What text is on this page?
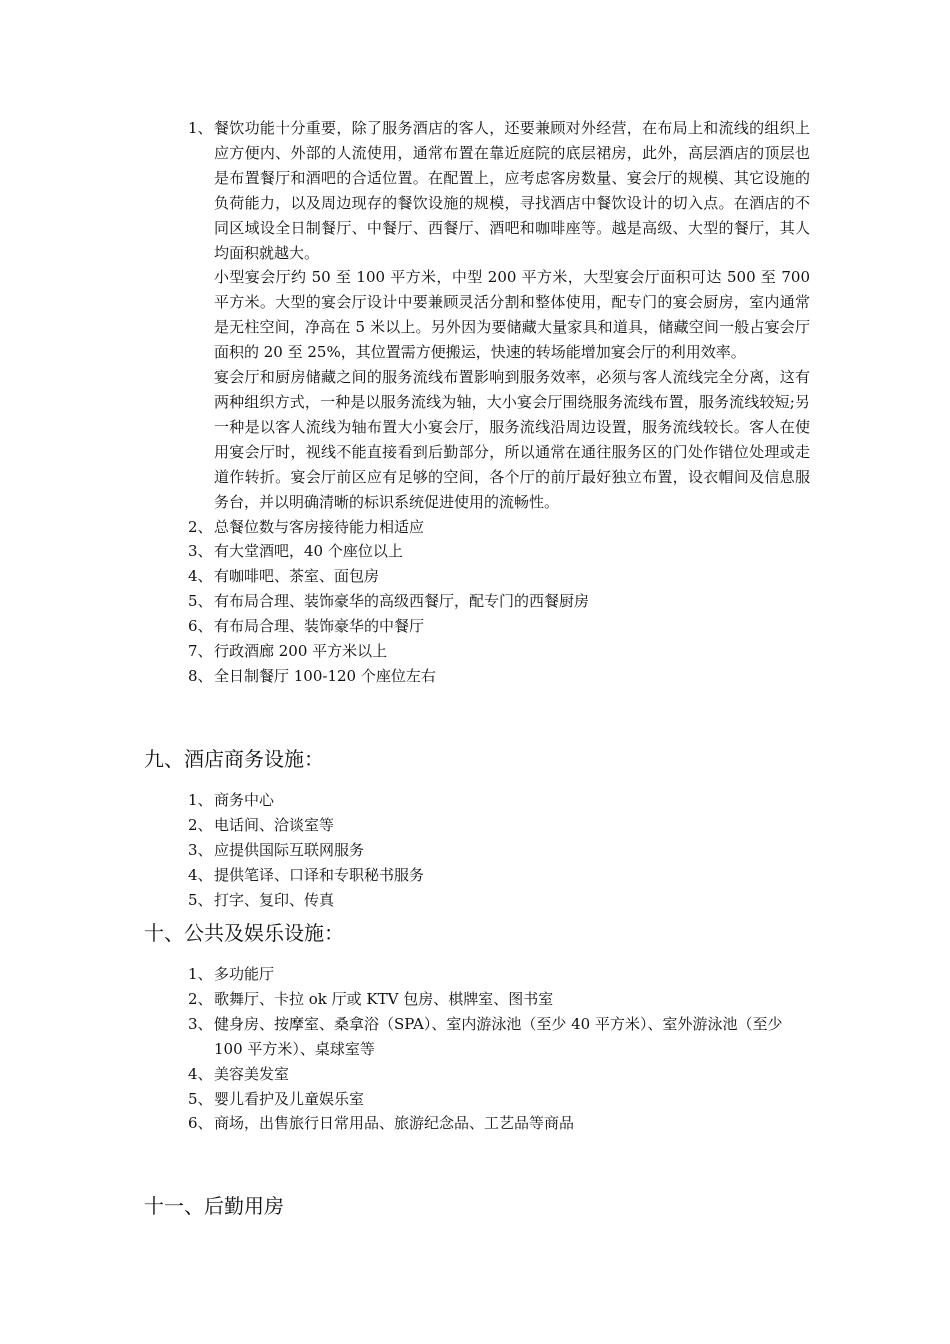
1、 餐饮功能十分重要，除了服务酒店的客人，还要兼顾对外经营，在布局上和流线的组织上应方便内、外部的人流使用，通常布置在靠近庭院的底层裙房，此外，高层酒店的顶层也是布置餐厅和酒吧的合适位置。在配置上，应考虑客房数量、宴会厅的规模、其它设施的负荷能力，以及周边现存的餐饮设施的规模，寻找酒店中餐饮设计的切入点。在酒店的不同区域设全日制餐厅、中餐厅、西餐厅、酒吧和咖啡座等。越是高级、大型的餐厅，其人均面积就越大。

小型宴会厅约 50 至 100 平方米，中型 200 平方米，大型宴会厅面积可达 500 至 700 平方米。大型的宴会厅设计中要兼顾灵活分割和整体使用，配专门的宴会厨房，室内通常是无柱空间，净高在 5 米以上。另外因为要储藏大量家具和道具，储藏空间一般占宴会厅面积的 20 至 25%，其位置需方便搬运，快速的转场能增加宴会厅的利用效率。

宴会厅和厨房储藏之间的服务流线布置影响到服务效率，必须与客人流线完全分离，这有两种组织方式，一种是以服务流线为轴，大小宴会厅围绕服务流线布置，服务流线较短;另一种是以客人流线为轴布置大小宴会厅，服务流线沿周边设置，服务流线较长。客人在使用宴会厅时，视线不能直接看到后勤部分，所以通常在通往服务区的门处作错位处理或走道作转折。宴会厅前区应有足够的空间，各个厅的前厅最好独立布置，设衣帽间及信息服务台，并以明确清晰的标识系统促进使用的流畅性。

2、 总餐位数与客房接待能力相适应
3、 有大堂酒吧，40 个座位以上
4、 有咖啡吧、茶室、面包房
5、 有布局合理、装饰豪华的高级西餐厅，配专门的西餐厨房
6、 有布局合理、装饰豪华的中餐厅
7、 行政酒廊 200 平方米以上
8、 全日制餐厅 100-120 个座位左右
九、酒店商务设施：
1、 商务中心
2、 电话间、洽谈室等
3、 应提供国际互联网服务
4、 提供笔译、口译和专职秘书服务
5、 打字、复印、传真
十、公共及娱乐设施：
1、 多功能厅
2、 歌舞厅、卡拉 ok 厅或 KTV 包房、棋牌室、图书室
3、 健身房、按摩室、桑拿浴（SPA）、室内游泳池（至少 40 平方米）、室外游泳池（至少 100 平方米）、桌球室等
4、 美容美发室
5、 婴儿看护及儿童娱乐室
6、 商场，出售旅行日常用品、旅游纪念品、工艺品等商品
十一、后勤用房
